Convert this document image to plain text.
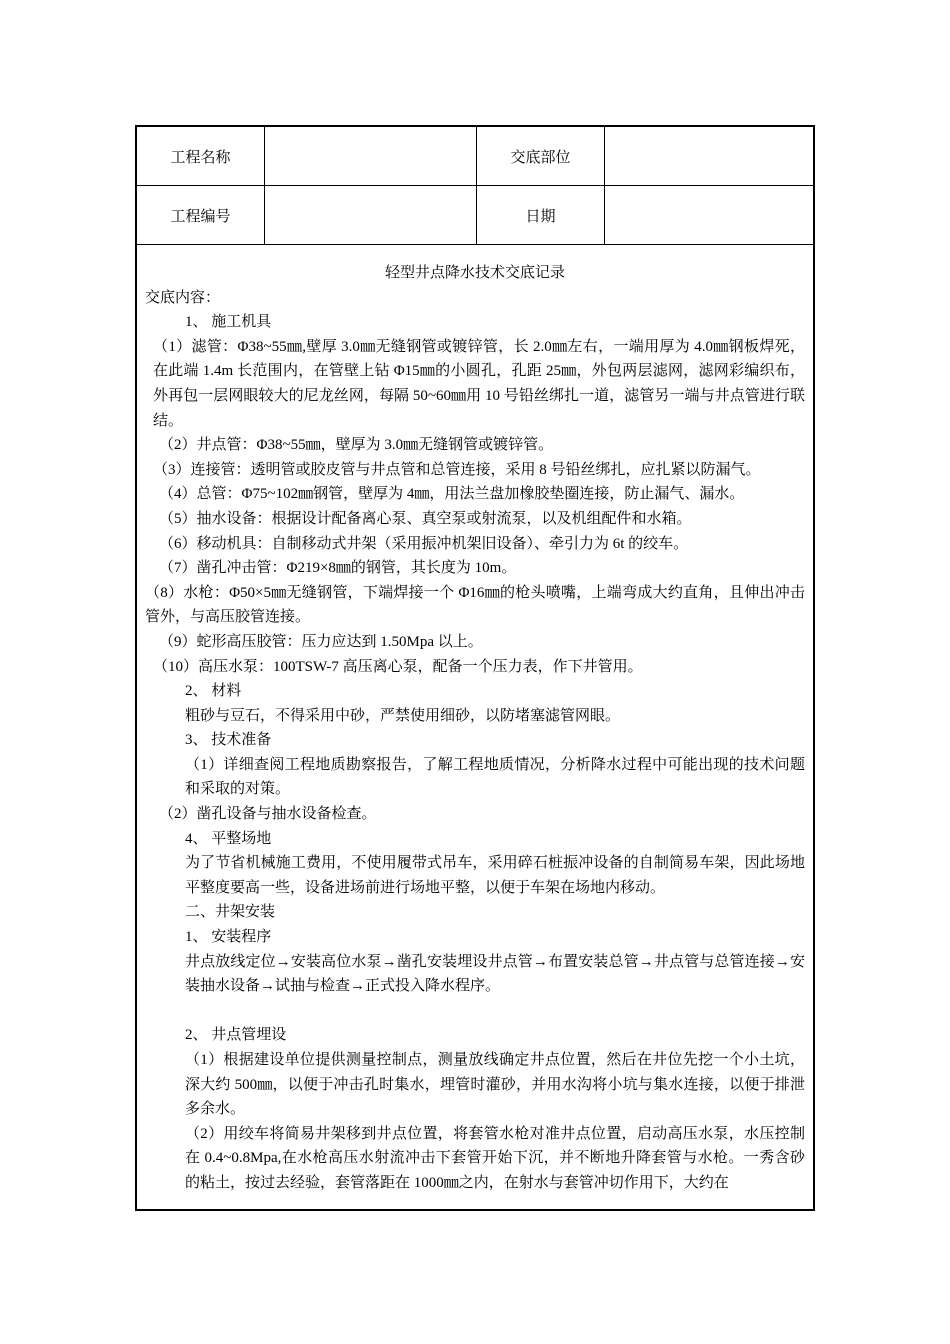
工程名称	交底部位
工程编号	日期
轻型井点降水技术交底记录
交底内容：
1、 施工机具
（1）滤管：Φ38~55㎜,壁厚 3.0㎜无缝钢管或镀锌管，长 2.0㎜左右，一端用厚为 4.0㎜钢板焊死，在此端 1.4m 长范围内，在管壁上钻 Φ15㎜的小圆孔，孔距 25㎜，外包两层滤网，滤网彩编织布，外再包一层网眼较大的尼龙丝网，每隔 50~60㎜用 10 号铅丝绑扎一道，滤管另一端与井点管进行联结。
（2）井点管：Φ38~55㎜，壁厚为 3.0㎜无缝钢管或镀锌管。
（3）连接管：透明管或胶皮管与井点管和总管连接，采用 8 号铅丝绑扎，应扎紧以防漏气。
（4）总管：Φ75~102㎜钢管，壁厚为 4㎜，用法兰盘加橡胶垫圈连接，防止漏气、漏水。
（5）抽水设备：根据设计配备离心泵、真空泵或射流泵，以及机组配件和水箱。
（6）移动机具：自制移动式井架（采用振冲机架旧设备）、牵引力为 6t 的绞车。
（7）凿孔冲击管：Φ219×8㎜的钢管，其长度为 10m。
（8）水枪：Φ50×5㎜无缝钢管，下端焊接一个 Φ16㎜的枪头喷嘴，上端弯成大约直角，且伸出冲击管外，与高压胶管连接。
（9）蛇形高压胶管：压力应达到 1.50Mpa 以上。
（10）高压水泵：100TSW-7 高压离心泵，配备一个压力表，作下井管用。
2、 材料
粗砂与豆石，不得采用中砂，严禁使用细砂，以防堵塞滤管网眼。
3、 技术准备
（1）详细查阅工程地质勘察报告，了解工程地质情况，分析降水过程中可能出现的技术问题和采取的对策。
（2）凿孔设备与抽水设备检查。
4、 平整场地
为了节省机械施工费用，不使用履带式吊车，采用碎石桩振冲设备的自制简易车架，因此场地平整度要高一些，设备进场前进行场地平整，以便于车架在场地内移动。
二、井架安装
1、 安装程序
井点放线定位→安装高位水泵→凿孔安装埋设井点管→布置安装总管→井点管与总管连接→安装抽水设备→试抽与检查→正式投入降水程序。
2、 井点管埋设
（1）根据建设单位提供测量控制点，测量放线确定井点位置，然后在井位先挖一个小土坑，深大约 500㎜，以便于冲击孔时集水，埋管时灌砂，并用水沟将小坑与集水连接，以便于排泄多余水。
（2）用绞车将简易井架移到井点位置，将套管水枪对准井点位置，启动高压水泵，水压控制在 0.4~0.8Mpa,在水枪高压水射流冲击下套管开始下沉，并不断地升降套管与水枪。一秀含砂的粘土，按过去经验，套管落距在 1000㎜之内，在射水与套管冲切作用下，大约在
